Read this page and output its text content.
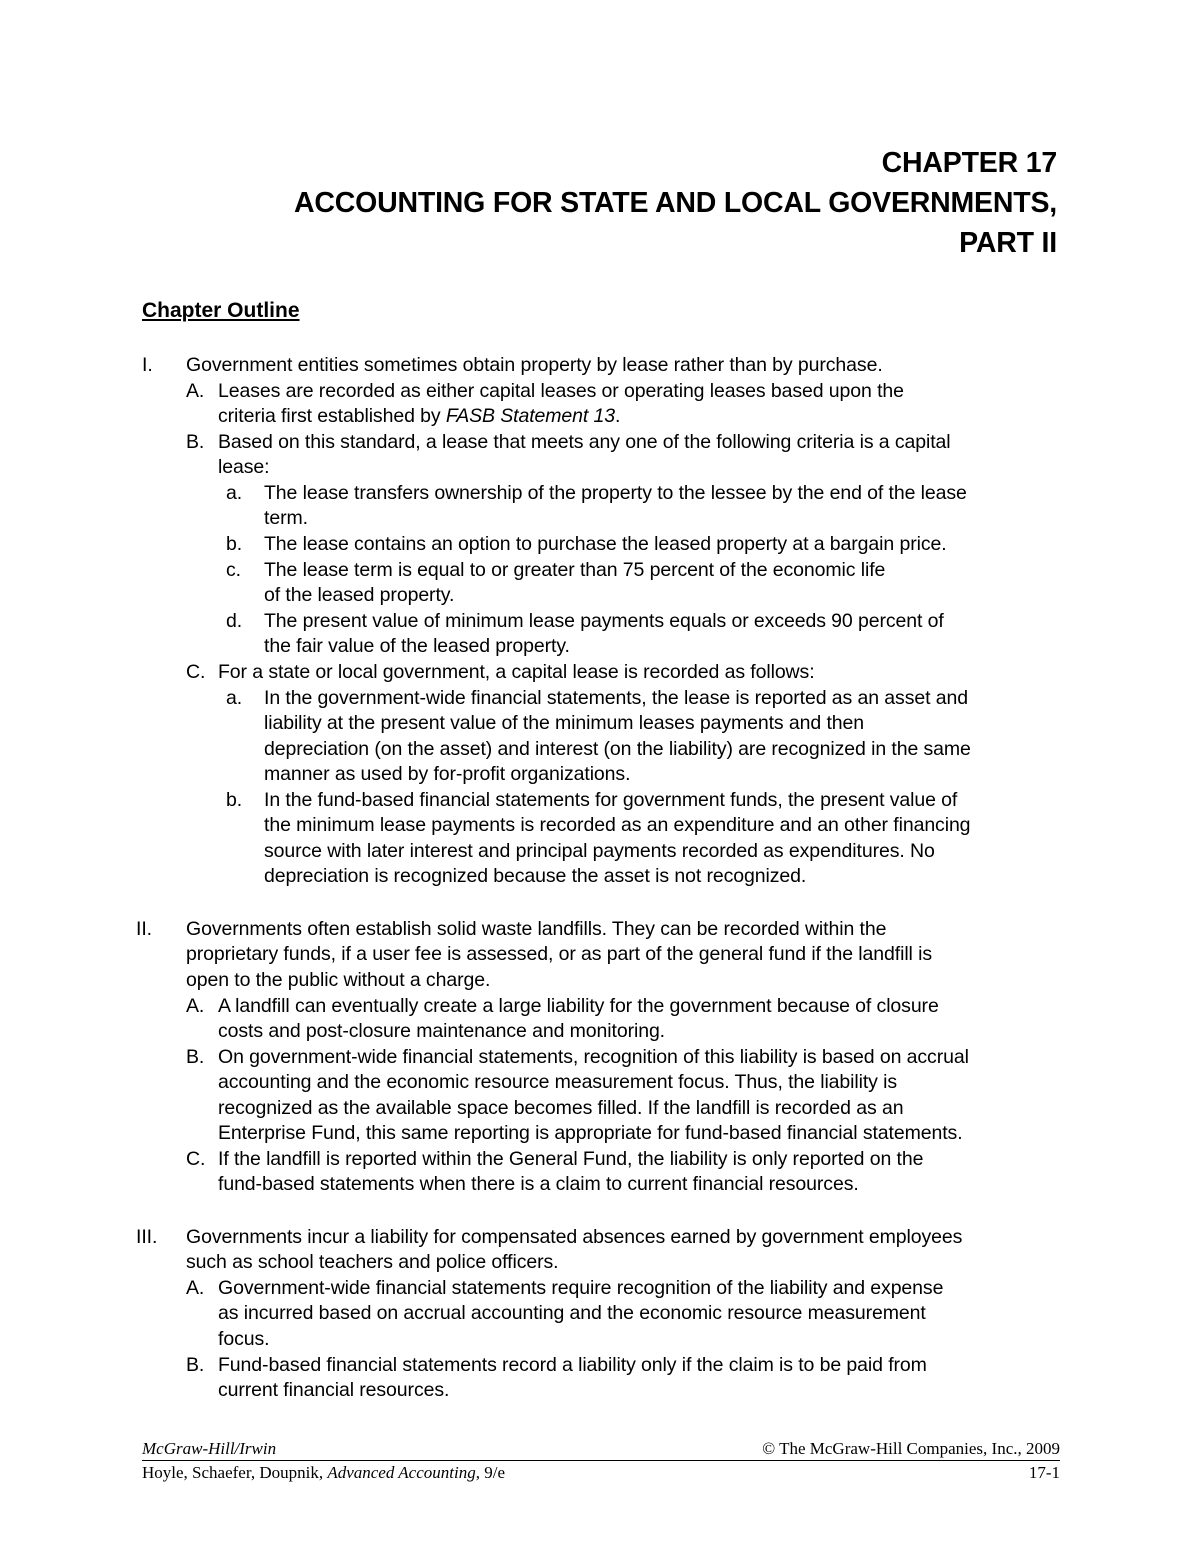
CHAPTER 17
ACCOUNTING FOR STATE AND LOCAL GOVERNMENTS,
PART II
Chapter Outline
I. Government entities sometimes obtain property by lease rather than by purchase.
A. Leases are recorded as either capital leases or operating leases based upon the
criteria first established by FASB Statement 13.
B. Based on this standard, a lease that meets any one of the following criteria is a capital
lease:
a. The lease transfers ownership of the property to the lessee by the end of the lease
term.
b. The lease contains an option to purchase the leased property at a bargain price.
c. The lease term is equal to or greater than 75 percent of the economic life
of the leased property.
d. The present value of minimum lease payments equals or exceeds 90 percent of
the fair value of the leased property.
C. For a state or local government, a capital lease is recorded as follows:
a. In the government-wide financial statements, the lease is reported as an asset and
liability at the present value of the minimum leases payments and then
depreciation (on the asset) and interest (on the liability) are recognized in the same
manner as used by for-profit organizations.
b. In the fund-based financial statements for government funds, the present value of
the minimum lease payments is recorded as an expenditure and an other financing
source with later interest and principal payments recorded as expenditures. No
depreciation is recognized because the asset is not recognized.
II. Governments often establish solid waste landfills. They can be recorded within the
proprietary funds, if a user fee is assessed, or as part of the general fund if the landfill is
open to the public without a charge.
A. A landfill can eventually create a large liability for the government because of closure
costs and post-closure maintenance and monitoring.
B. On government-wide financial statements, recognition of this liability is based on accrual
accounting and the economic resource measurement focus. Thus, the liability is
recognized as the available space becomes filled. If the landfill is recorded as an
Enterprise Fund, this same reporting is appropriate for fund-based financial statements.
C. If the landfill is reported within the General Fund, the liability is only reported on the
fund-based statements when there is a claim to current financial resources.
III. Governments incur a liability for compensated absences earned by government employees
such as school teachers and police officers.
A. Government-wide financial statements require recognition of the liability and expense
as incurred based on accrual accounting and the economic resource measurement
focus.
B. Fund-based financial statements record a liability only if the claim is to be paid from
current financial resources.
McGraw-Hill/Irwin	© The McGraw-Hill Companies, Inc., 2009
Hoyle, Schaefer, Doupnik, Advanced Accounting, 9/e	17-1
